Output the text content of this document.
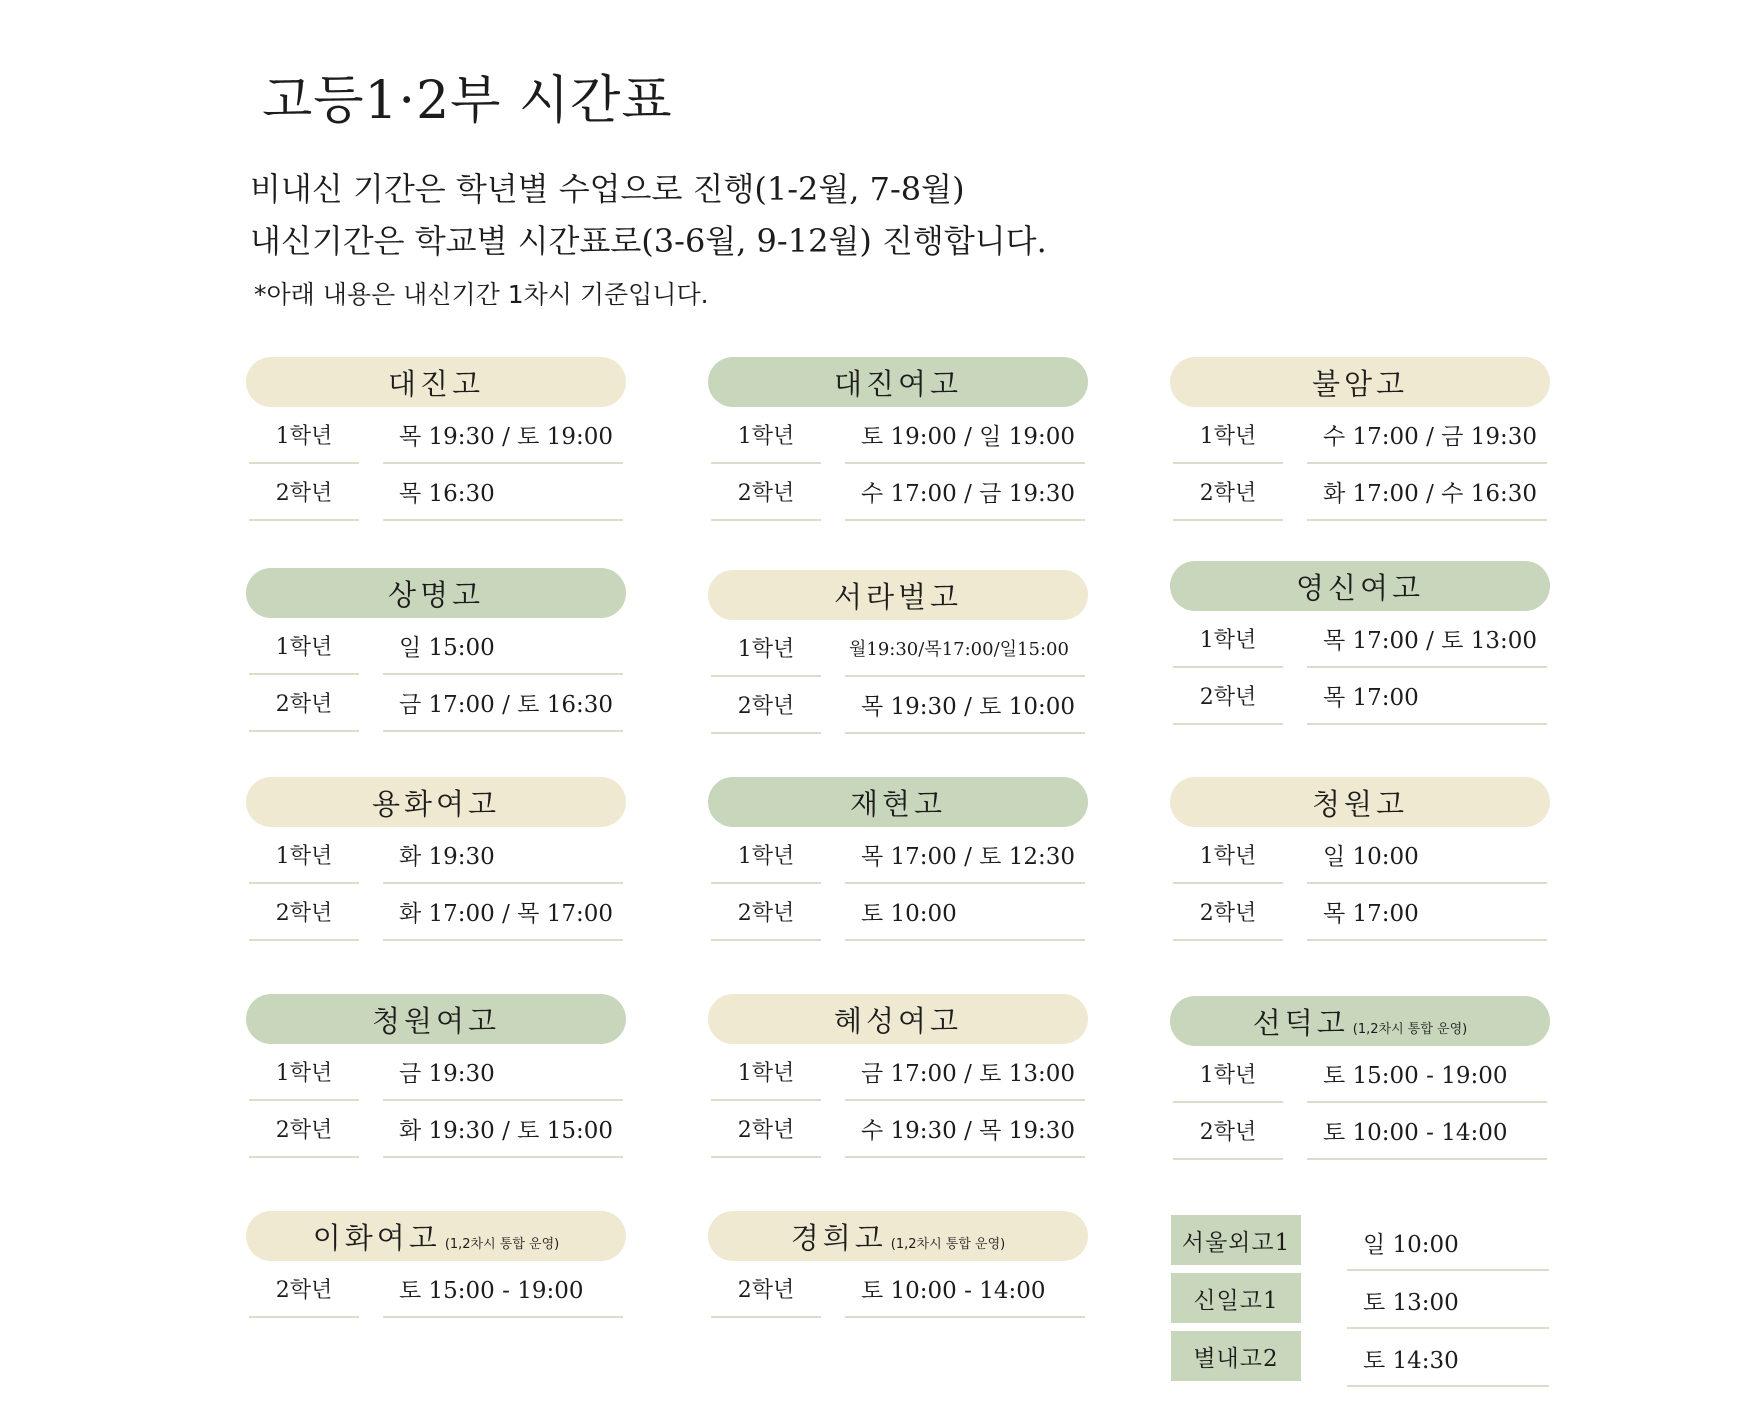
고등1·2부 시간표
비내신 기간은 학년별 수업으로 진행(1-2월, 7-8월)
내신기간은 학교별 시간표로(3-6월, 9-12월) 진행합니다.
*아래 내용은 내신기간 1차시 기준입니다.
대진고
1학년	목 19:30 / 토 19:00
2학년	목 16:30
대진여고
1학년	토 19:00 / 일 19:00
2학년	수 17:00 / 금 19:30
불암고
1학년	수 17:00 / 금 19:30
2학년	화 17:00 / 수 16:30
상명고
1학년	일 15:00
2학년	금 17:00 / 토 16:30
서라벌고
1학년	월19:30/목17:00/일15:00
2학년	목 19:30 / 토 10:00
영신여고
1학년	목 17:00 / 토 13:00
2학년	목 17:00
용화여고
1학년	화 19:30
2학년	화 17:00 / 목 17:00
재현고
1학년	목 17:00 / 토 12:30
2학년	토 10:00
청원고
1학년	일 10:00
2학년	목 17:00
청원여고
1학년	금 19:30
2학년	화 19:30 / 토 15:00
혜성여고
1학년	금 17:00 / 토 13:00
2학년	수 19:30 / 목 19:30
선덕고 (1,2차시 통합 운영)
1학년	토 15:00 - 19:00
2학년	토 10:00 - 14:00
이화여고 (1,2차시 통합 운영)
2학년	토 15:00 - 19:00
경희고 (1,2차시 통합 운영)
2학년	토 10:00 - 14:00
서울외고1	일 10:00
신일고1	토 13:00
별내고2	토 14:30
